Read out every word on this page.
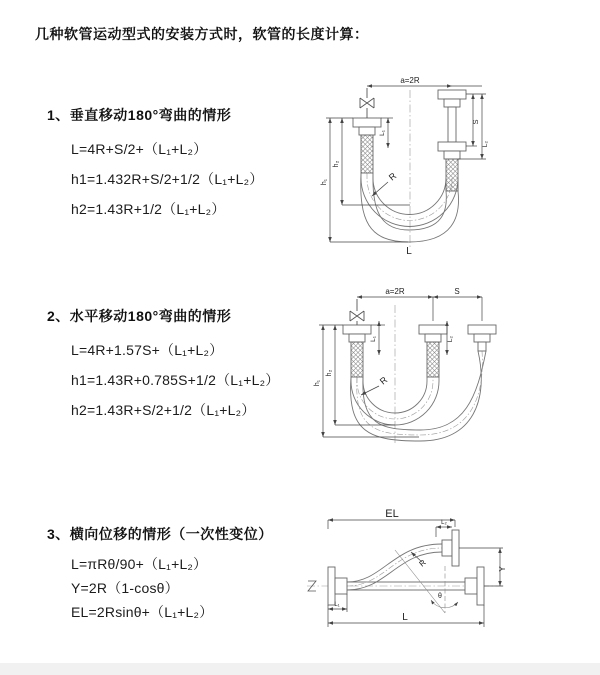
几种软管运动型式的安装方式时，软管的长度计算：
1、垂直移动180°弯曲的情形
L=4R+S/2+（L₁+L₂）
h1=1.432R+S/2+1/2（L₁+L₂）
h2=1.43R+1/2（L₁+L₂）
2、水平移动180°弯曲的情形
L=4R+1.57S+（L₁+L₂）
h1=1.43R+0.785S+1/2（L₁+L₂）
h2=1.43R+S/2+1/2（L₁+L₂）
3、横向位移的情形（一次性变位）
L=πRθ/90+（L₁+L₂）
Y=2R（1-cosθ）
EL=2Rsinθ+（L₁+L₂）
a=2R
L₁
S
L₂
h₁
h₂
R
L
a=2R	S
L₁	L₂
h₁
h₂
R
EL
L₂
Y
L₁
L
R
θ
